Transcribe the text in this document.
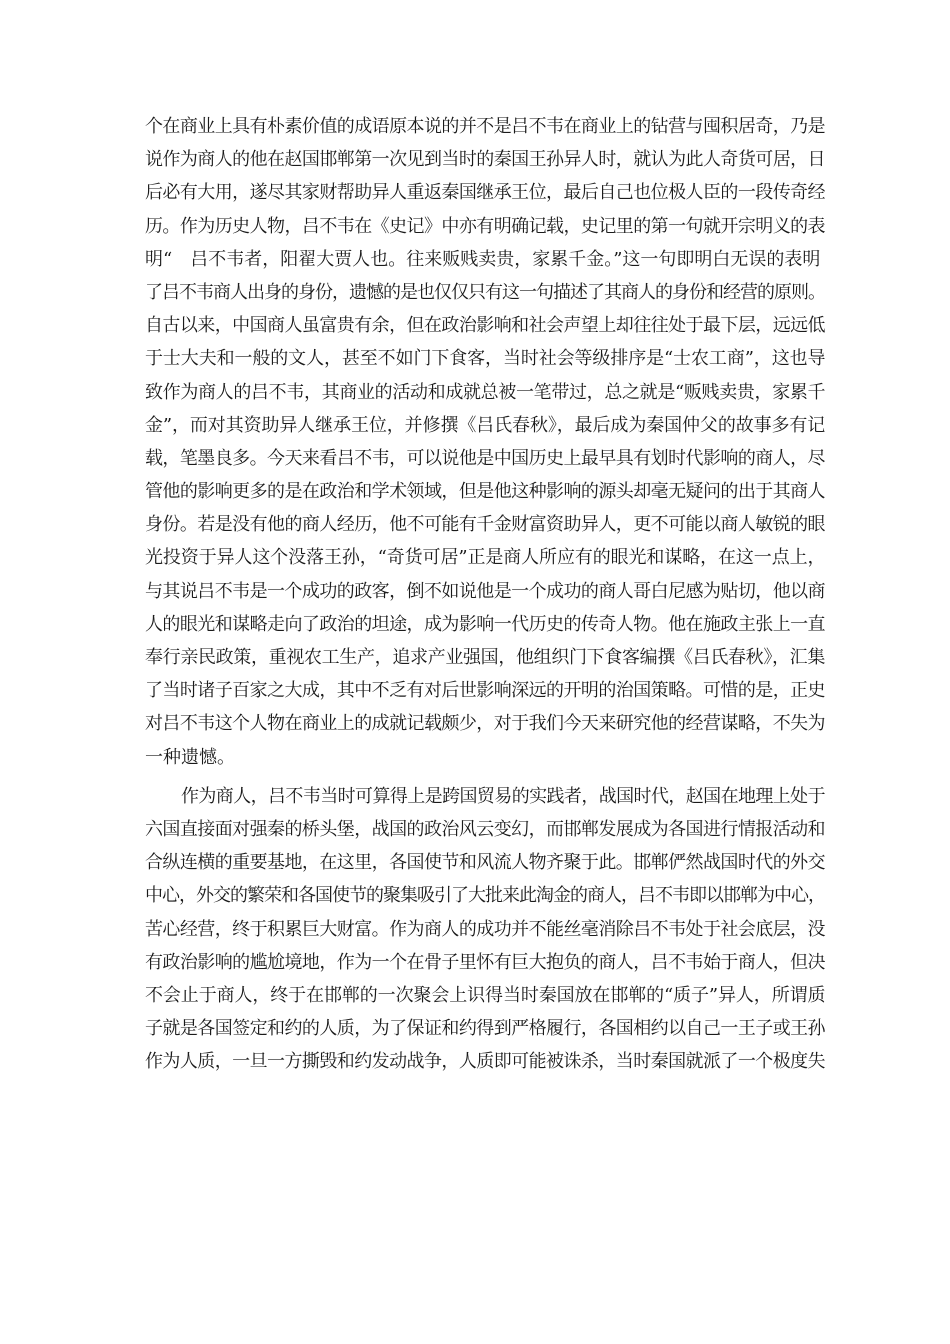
个在商业上具有朴素价值的成语原本说的并不是吕不韦在商业上的钻营与囤积居奇，乃是
说作为商人的他在赵国邯郸第一次见到当时的秦国王孙异人时，就认为此人奇货可居，日
后必有大用，遂尽其家财帮助异人重返秦国继承王位，最后自己也位极人臣的一段传奇经
历。作为历史人物，吕不韦在《史记》中亦有明确记载，史记里的第一句就开宗明义的表
明“　吕不韦者，阳翟大贾人也。往来贩贱卖贵，家累千金。”这一句即明白无误的表明
了吕不韦商人出身的身份，遗憾的是也仅仅只有这一句描述了其商人的身份和经营的原则。
自古以来，中国商人虽富贵有余，但在政治影响和社会声望上却往往处于最下层，远远低
于士大夫和一般的文人，甚至不如门下食客，当时社会等级排序是“士农工商”，这也导
致作为商人的吕不韦，其商业的活动和成就总被一笔带过，总之就是“贩贱卖贵，家累千
金”，而对其资助异人继承王位，并修撰《吕氏春秋》，最后成为秦国仲父的故事多有记
载，笔墨良多。今天来看吕不韦，可以说他是中国历史上最早具有划时代影响的商人，尽
管他的影响更多的是在政治和学术领域，但是他这种影响的源头却毫无疑问的出于其商人
身份。若是没有他的商人经历，他不可能有千金财富资助异人，更不可能以商人敏锐的眼
光投资于异人这个没落王孙，“奇货可居”正是商人所应有的眼光和谋略，在这一点上，
与其说吕不韦是一个成功的政客，倒不如说他是一个成功的商人哥白尼感为贴切，他以商
人的眼光和谋略走向了政治的坦途，成为影响一代历史的传奇人物。他在施政主张上一直
奉行亲民政策，重视农工生产，追求产业强国，他组织门下食客编撰《吕氏春秋》，汇集
了当时诸子百家之大成，其中不乏有对后世影响深远的开明的治国策略。可惜的是，正史
对吕不韦这个人物在商业上的成就记载颇少，对于我们今天来研究他的经营谋略，不失为
一种遗憾。
作为商人，吕不韦当时可算得上是跨国贸易的实践者，战国时代，赵国在地理上处于
六国直接面对强秦的桥头堡，战国的政治风云变幻，而邯郸发展成为各国进行情报活动和
合纵连横的重要基地，在这里，各国使节和风流人物齐聚于此。邯郸俨然战国时代的外交
中心，外交的繁荣和各国使节的聚集吸引了大批来此淘金的商人，吕不韦即以邯郸为中心，
苦心经营，终于积累巨大财富。作为商人的成功并不能丝毫消除吕不韦处于社会底层，没
有政治影响的尴尬境地，作为一个在骨子里怀有巨大抱负的商人，吕不韦始于商人，但决
不会止于商人，终于在邯郸的一次聚会上识得当时秦国放在邯郸的“质子”异人，所谓质
子就是各国签定和约的人质，为了保证和约得到严格履行，各国相约以自己一王子或王孙
作为人质，一旦一方撕毁和约发动战争，人质即可能被诛杀，当时秦国就派了一个极度失
